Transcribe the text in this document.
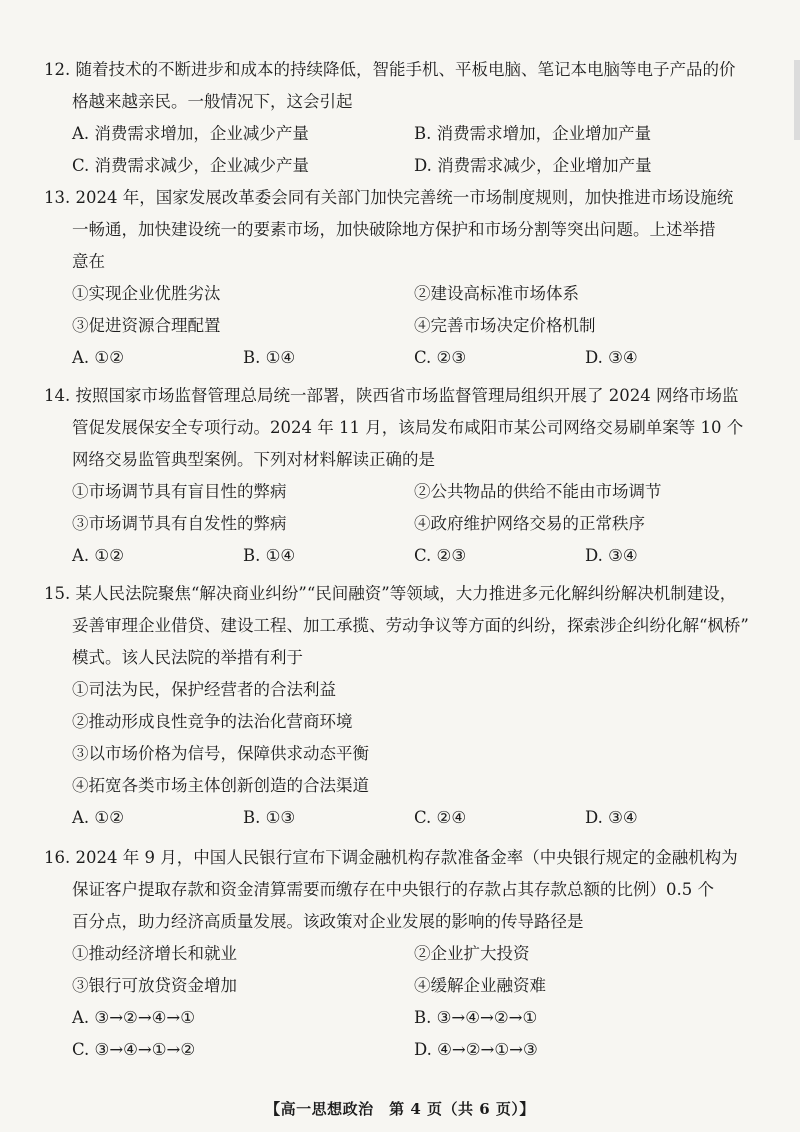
12. 随着技术的不断进步和成本的持续降低，智能手机、平板电脑、笔记本电脑等电子产品的价

格越来越亲民。一般情况下，这会引起

A. 消费需求增加，企业减少产量	B. 消费需求增加，企业增加产量
C. 消费需求减少，企业减少产量	D. 消费需求减少，企业增加产量

13. 2024 年，国家发展改革委会同有关部门加快完善统一市场制度规则，加快推进市场设施统

一畅通，加快建设统一的要素市场，加快破除地方保护和市场分割等突出问题。上述举措
意在

①实现企业优胜劣汰	②建设高标准市场体系
③促进资源合理配置	④完善市场决定价格机制
A. ①②	B. ①④	C. ②③	D. ③④

14. 按照国家市场监督管理总局统一部署，陕西省市场监督管理局组织开展了 2024 网络市场监

管促发展保安全专项行动。2024 年 11 月，该局发布咸阳市某公司网络交易刷单案等 10 个
网络交易监管典型案例。下列对材料解读正确的是

①市场调节具有盲目性的弊病	②公共物品的供给不能由市场调节
③市场调节具有自发性的弊病	④政府维护网络交易的正常秩序
A. ①②	B. ①④	C. ②③	D. ③④

15. 某人民法院聚焦“解决商业纠纷”“民间融资”等领域，大力推进多元化解纠纷解决机制建设，

妥善审理企业借贷、建设工程、加工承揽、劳动争议等方面的纠纷，探索涉企纠纷化解“枫桥”
模式。该人民法院的举措有利于

①司法为民，保护经营者的合法利益
②推动形成良性竞争的法治化营商环境
③以市场价格为信号，保障供求动态平衡
④拓宽各类市场主体创新创造的合法渠道
A. ①②	B. ①③	C. ②④	D. ③④

16. 2024 年 9 月，中国人民银行宣布下调金融机构存款准备金率（中央银行规定的金融机构为

保证客户提取存款和资金清算需要而缴存在中央银行的存款占其存款总额的比例）0.5 个
百分点，助力经济高质量发展。该政策对企业发展的影响的传导路径是

①推动经济增长和就业	②企业扩大投资
③银行可放贷资金增加	④缓解企业融资难
A. ③→②→④→①	B. ③→④→②→①
C. ③→④→①→②	D. ④→②→①→③
【高一思想政治　第 4 页（共 6 页）】
